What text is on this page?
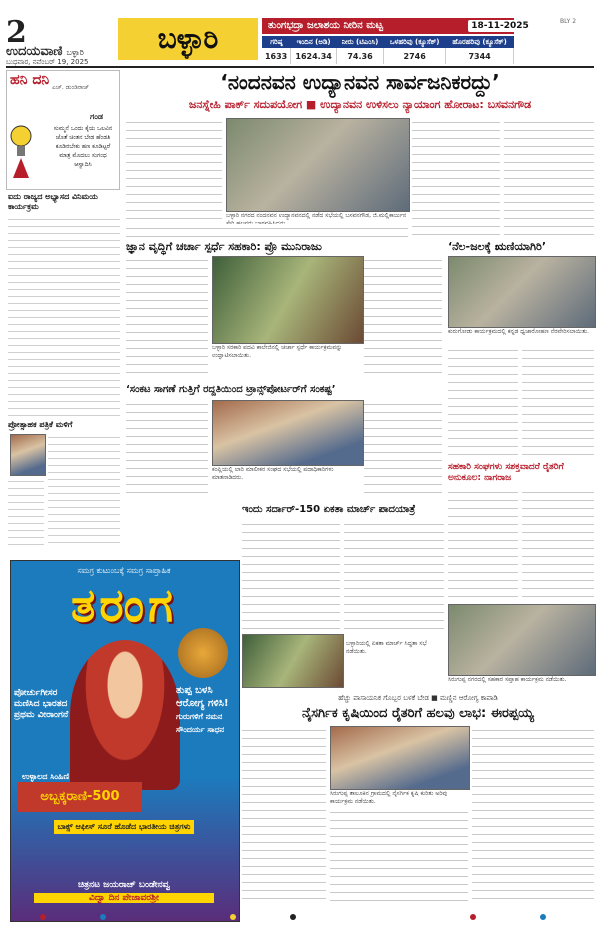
2
ಉದಯವಾಣಿ ಬಳ್ಳಾರಿ
ಬುಧವಾರ, ನವೆಂಬರ್ 19, 2025
ಬಳ್ಳಾರಿ	ತುಂಗಭದ್ರಾ ಜಲಾಶಯ ನೀರಿನ ಮಟ್ಟ	18-11-2025	BLY 2
ಗರಿಷ್ಠ	ಇಂದಿನ (ಅಡಿ)	ನೀರು (ಟಿಎಂಸಿ)	ಒಳಹರಿವು (ಕ್ಯೂಸೆಕ್)	ಹೊರಹರಿವು (ಕ್ಯೂಸೆಕ್)
1633	1624.34	74.36	2746	7344
ಹನಿ ದನಿ ಎಚ್. ಡುಂಡಿರಾಜ್
ಗಂಡ
ಸುಮ್ಮನೆ ಒಂದು ಕೈಯ ಒಲವಿನ ಜೊತೆ ಚಿಂತನ ಬೇಡ ಹೆಂಡತಿ ಕೂಡಿರಬೇಕು ಹಣ ಕೂಡಿಟ್ಟರೆ ಮಾತ್ರ ಮೊದಲು ಸುಗಂಧ ಆಸ್ವಾದಿಸಿ
‘ನಂದನವನ ಉದ್ಯಾನವನ ಸಾರ್ವಜನಿಕರದ್ದು’
ಜನಸ್ನೇಹಿ ಪಾರ್ಕ್ ಸದುಪಯೋಗ ■ ಉದ್ಯಾನವನ ಉಳಿಸಲು ನ್ಯಾಯಾಂಗ ಹೋರಾಟ: ಬಸವನಗೌಡ
ಬಳ್ಳಾರಿ ನಗರದ ನಂದನವನ ಉದ್ಯಾನವನದಲ್ಲಿ ನಡೆದ ಸಭೆಯಲ್ಲಿ ಬಸವನಗೌಡ, ಜಿ.ಮಲ್ಲಿಕಾರ್ಜುನ
ಐದು ರಾಜ್ಯದ ಅಭ್ಯಾಸದ ವಿನಿಮಯ ಕಾರ್ಯಕ್ರಮ
ಪ್ರೋತ್ಸಾಹಕ ಪತ್ರಿಕೆ ಮಳಿಗೆ
ಜ್ಞಾನ ವೃದ್ಧಿಗೆ ಚರ್ಚಾ ಸ್ಪರ್ಧೆ ಸಹಕಾರಿ: ಪ್ರೊ ಮುನಿರಾಜು
ಬಳ್ಳಾರಿ ಸರಕಾರಿ ಪದವಿ ಕಾಲೇಜಿನಲ್ಲಿ ಚರ್ಚಾ ಸ್ಪರ್ಧೆ ಕಾರ್ಯಕ್ರಮವನ್ನು ಉದ್ಘಾಟಿಸಲಾಯಿತು.
‘ನೆಲ-ಜಲಕ್ಕೆ ಋಣಿಯಾಗಿರಿ’
ಕುರುಗೋಡು ಕಾರ್ಯಕ್ರಮದಲ್ಲಿ ಕನ್ನಡ ಧ್ವಜಾರೋಹಣ ನೆರವೇರಿಸಲಾಯಿತು.
‘ಸಂಕಟ ಸಾಗಣೆ ಗುತ್ತಿಗೆ ರದ್ದತಿಯಿಂದ ಟ್ರಾನ್ಸ್‌ಪೋರ್ಟರ್‌ಗೆ ಸಂಕಷ್ಟ’
ಕಂಪ್ಲಿಯಲ್ಲಿ ಲಾರಿ ಮಾಲೀಕರ ಸಂಘದ ಸಭೆಯಲ್ಲಿ ಪದಾಧಿಕಾರಿಗಳು ಮಾತನಾಡಿದರು.
ಸಹಕಾರಿ ಸಂಘಗಳು ಸಶಕ್ತವಾದರೆ ರೈತರಿಗೆ ಅನುಕೂಲ: ನಾಗರಾಜ
ಇಂದು ಸರ್ದಾರ್-150 ಏಕತಾ ಮಾರ್ಚ್ ಪಾದಯಾತ್ರೆ
ಬಳ್ಳಾರಿಯಲ್ಲಿ ಏಕತಾ ಮಾರ್ಚ್ ಸಿದ್ಧತಾ ಸಭೆ ನಡೆಯಿತು.
ಸಿರುಗುಪ್ಪ ನಗರದಲ್ಲಿ ಸಹಕಾರ ಸಪ್ತಾಹ ಕಾರ್ಯಕ್ರಮ ನಡೆಯಿತು.
ಹೆಚ್ಚು ಪಾಸಾಯನಿಕ ಗೊಬ್ಬರ ಬಳಕೆ ಬೇಡ ■ ಮಣ್ಣಿನ ಆರೋಗ್ಯ ಕಾಪಾಡಿ
ನೈಸರ್ಗಿಕ ಕೃಷಿಯಿಂದ ರೈತರಿಗೆ ಹಲವು ಲಾಭ: ಈರಪ್ಪಯ್ಯ
ಸಿರುಗುಪ್ಪ ತಾಲೂಕಿನ ಗ್ರಾಮದಲ್ಲಿ ನೈಸರ್ಗಿಕ ಕೃಷಿ ಕುರಿತು ಅರಿವು ಕಾರ್ಯಕ್ರಮ ನಡೆಯಿತು.
ಸಮಗ್ರ ಕುಟುಂಬಕ್ಕೆ ಸಮಗ್ರ ಸಾಪ್ತಾಹಿಕ
ತರಂಗ
ತುಪ್ಪ ಬಳಸಿ ಆರೋಗ್ಯ ಗಳಿಸಿ!
ಗುರುಗಳಿಗೆ ನಮನ ಸೌಂದರ್ಯ ಸಾಧನ
ಪೋರ್ಚುಗೀಸರ ಮಣಿಸಿದ ಭಾರತದ ಪ್ರಥಮ ವೀರಾಂಗನೆ
ಉಳ್ಳಾಲದ ಸಿಂಹಿಣಿ
ಅಬ್ಬಕ್ಕರಾಣಿ-500
ಬಾಕ್ಸ್ ಆಫೀಸ್ ಸೂರೆ ಹೊಡೆದ ಭಾರತೀಯ ಚಿತ್ರಗಳು
ಚಿತ್ರನಟ ಜಯರಾಜ್ ಬಂಡೇನವ್ವ
ವಿದ್ವಾ ದಿನ ಪೇಜಾವರಶ್ರೀ
